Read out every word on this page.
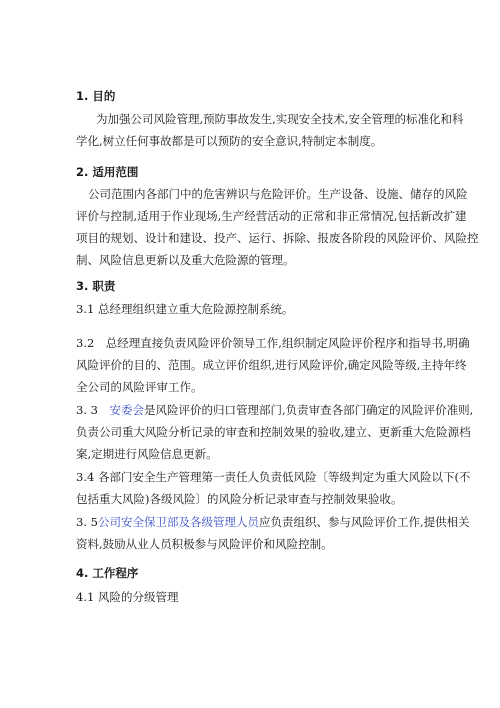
1. 目的
为加强公司风险管理,预防事故发生,实现安全技术,安全管理的标准化和科
学化,树立任何事故都是可以预防的安全意识,特制定本制度。
2. 适用范围
公司范围内各部门中的危害辨识与危险评价。生产设备、设施、储存的风险
评价与控制,适用于作业现场,生产经营活动的正常和非正常情况,包括新改扩建
项目的规划、设计和建设、投产、运行、拆除、报废各阶段的风险评价、风险控
制、风险信息更新以及重大危险源的管理。
3. 职责
3.1 总经理组织建立重大危险源控制系统。
3.2　总经理直接负责风险评价领导工作,组织制定风险评价程序和指导书,明确
风险评价的目的、范围。成立评价组织,进行风险评价,确定风险等级,主持年终
全公司的风险评审工作。
3. 3　安委会是风险评价的归口管理部门,负责审查各部门确定的风险评价准则,
负责公司重大风险分析记录的审查和控制效果的验收,建立、更新重大危险源档
案,定期进行风险信息更新。
3.4 各部门安全生产管理第一责任人负责低风险〔等级判定为重大风险以下(不
包括重大风险)各级风险〕的风险分析记录审查与控制效果验收。
3. 5公司安全保卫部及各级管理人员应负责组织、参与风险评价工作,提供相关
资料,鼓励从业人员积极参与风险评价和风险控制。
4. 工作程序
4.1 风险的分级管理
